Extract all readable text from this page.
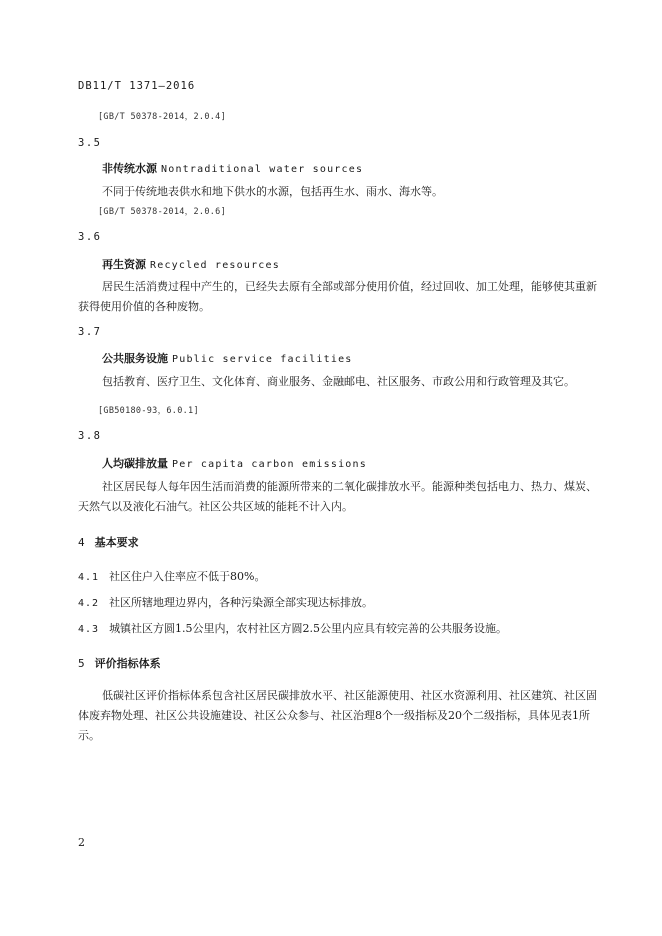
DB11/T 1371—2016
[GB/T 50378-2014，2.0.4]
3.5
非传统水源 Nontraditional water sources
不同于传统地表供水和地下供水的水源，包括再生水、雨水、海水等。
[GB/T 50378-2014，2.0.6]
3.6
再生资源 Recycled resources
居民生活消费过程中产生的，已经失去原有全部或部分使用价值，经过回收、加工处理，能够使其重新获得使用价值的各种废物。
3.7
公共服务设施 Public service facilities
包括教育、医疗卫生、文化体育、商业服务、金融邮电、社区服务、市政公用和行政管理及其它。
[GB50180-93，6.0.1]
3.8
人均碳排放量 Per capita carbon emissions
社区居民每人每年因生活而消费的能源所带来的二氧化碳排放水平。能源种类包括电力、热力、煤炭、天然气以及液化石油气。社区公共区域的能耗不计入内。
4 基本要求
4.1 社区住户入住率应不低于80%。
4.2 社区所辖地理边界内，各种污染源全部实现达标排放。
4.3 城镇社区方圆1.5公里内，农村社区方圆2.5公里内应具有较完善的公共服务设施。
5 评价指标体系
低碳社区评价指标体系包含社区居民碳排放水平、社区能源使用、社区水资源利用、社区建筑、社区固体废弃物处理、社区公共设施建设、社区公众参与、社区治理8个一级指标及20个二级指标，具体见表1所示。
2
